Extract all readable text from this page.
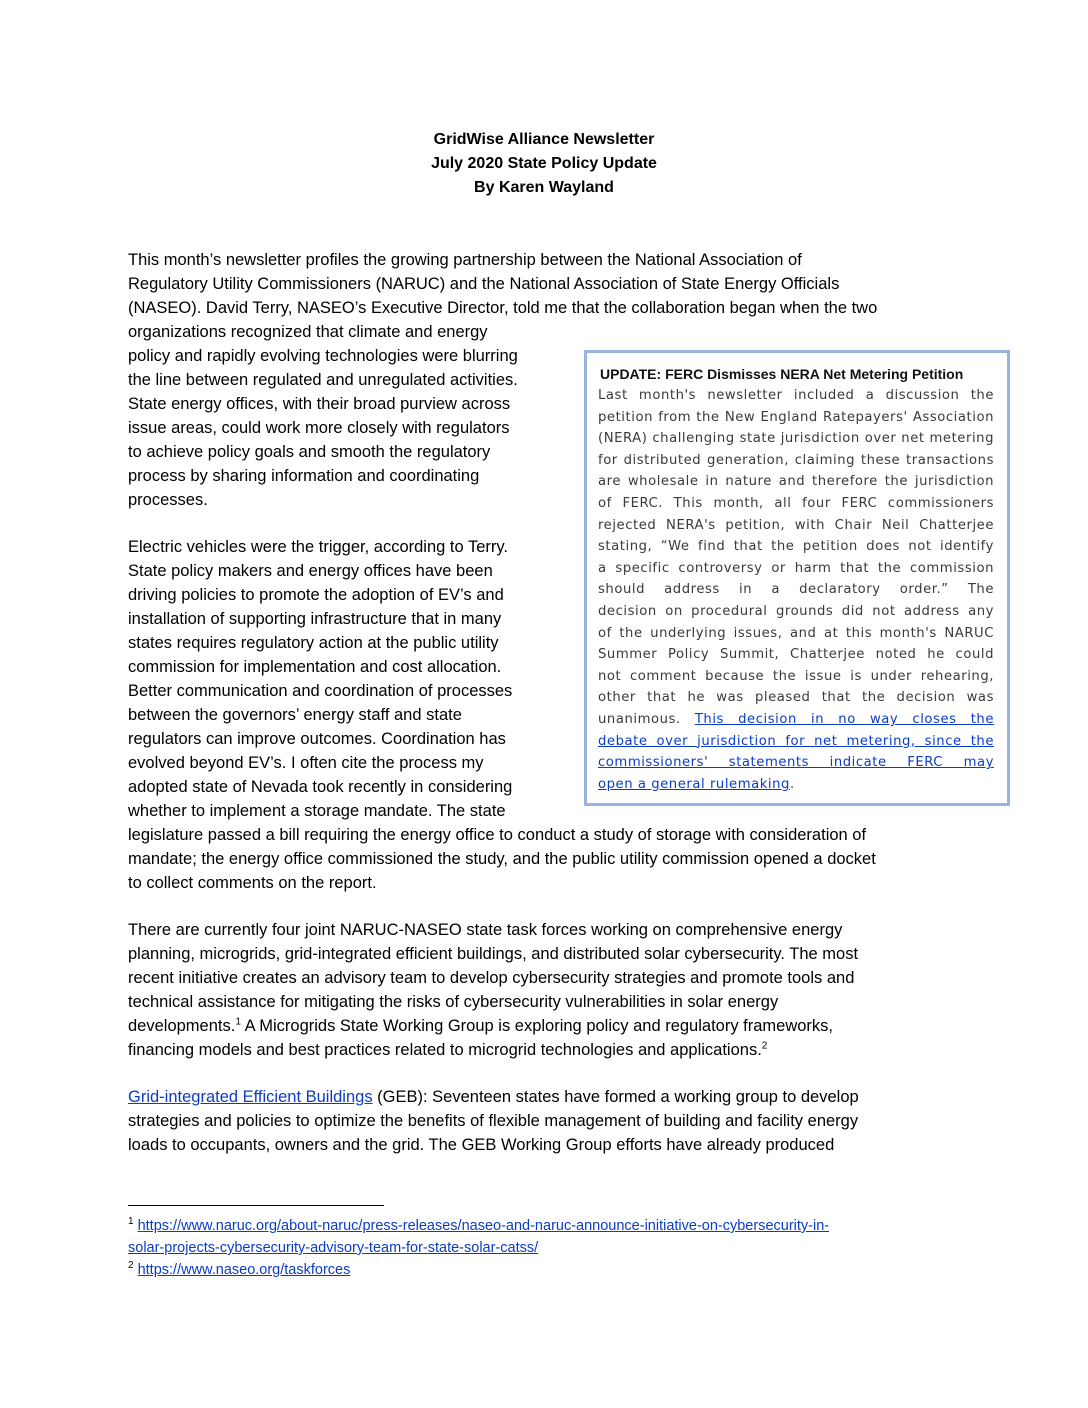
GridWise Alliance Newsletter
July 2020 State Policy Update
By Karen Wayland
This month’s newsletter profiles the growing partnership between the National Association of
Regulatory Utility Commissioners (NARUC) and the National Association of State Energy Officials
(NASEO). David Terry, NASEO’s Executive Director, told me that the collaboration began when the two
organizations recognized that climate and energy
policy and rapidly evolving technologies were blurring
the line between regulated and unregulated activities.
State energy offices, with their broad purview across
issue areas, could work more closely with regulators
to achieve policy goals and smooth the regulatory
process by sharing information and coordinating
processes.
Electric vehicles were the trigger, according to Terry.
State policy makers and energy offices have been
driving policies to promote the adoption of EV’s and
installation of supporting infrastructure that in many
states requires regulatory action at the public utility
commission for implementation and cost allocation.
Better communication and coordination of processes
between the governors’ energy staff and state
regulators can improve outcomes. Coordination has
evolved beyond EV’s. I often cite the process my
adopted state of Nevada took recently in considering
whether to implement a storage mandate. The state
legislature passed a bill requiring the energy office to conduct a study of storage with consideration of
mandate; the energy office commissioned the study, and the public utility commission opened a docket
to collect comments on the report.
UPDATE: FERC Dismisses NERA Net Metering Petition
Last month's newsletter included a discussion the
petition from the New England Ratepayers' Association
(NERA) challenging state jurisdiction over net metering
for distributed generation, claiming these transactions
are wholesale in nature and therefore the jurisdiction
of FERC. This month, all four FERC commissioners
rejected NERA's petition, with Chair Neil Chatterjee
stating, “We find that the petition does not identify
a specific controversy or harm that the commission
should address in a declaratory order.” The
decision on procedural grounds did not address any
of the underlying issues, and at this month's NARUC
Summer Policy Summit, Chatterjee noted he could
not comment because the issue is under rehearing,
other that he was pleased that the decision was
unanimous. This decision in no way closes the
debate over jurisdiction for net metering, since the
commissioners' statements indicate FERC may
open a general rulemaking.
There are currently four joint NARUC-NASEO state task forces working on comprehensive energy
planning, microgrids, grid-integrated efficient buildings, and distributed solar cybersecurity. The most
recent initiative creates an advisory team to develop cybersecurity strategies and promote tools and
technical assistance for mitigating the risks of cybersecurity vulnerabilities in solar energy
developments.$^1$ A Microgrids State Working Group is exploring policy and regulatory frameworks,
financing models and best practices related to microgrid technologies and applications.$^2$
Grid-integrated Efficient Buildings (GEB): Seventeen states have formed a working group to develop
strategies and policies to optimize the benefits of flexible management of building and facility energy
loads to occupants, owners and the grid. The GEB Working Group efforts have already produced
$^1$ https://www.naruc.org/about-naruc/press-releases/naseo-and-naruc-announce-initiative-on-cybersecurity-in-
solar-projects-cybersecurity-advisory-team-for-state-solar-catss/
$^2$ https://www.naseo.org/taskforces
